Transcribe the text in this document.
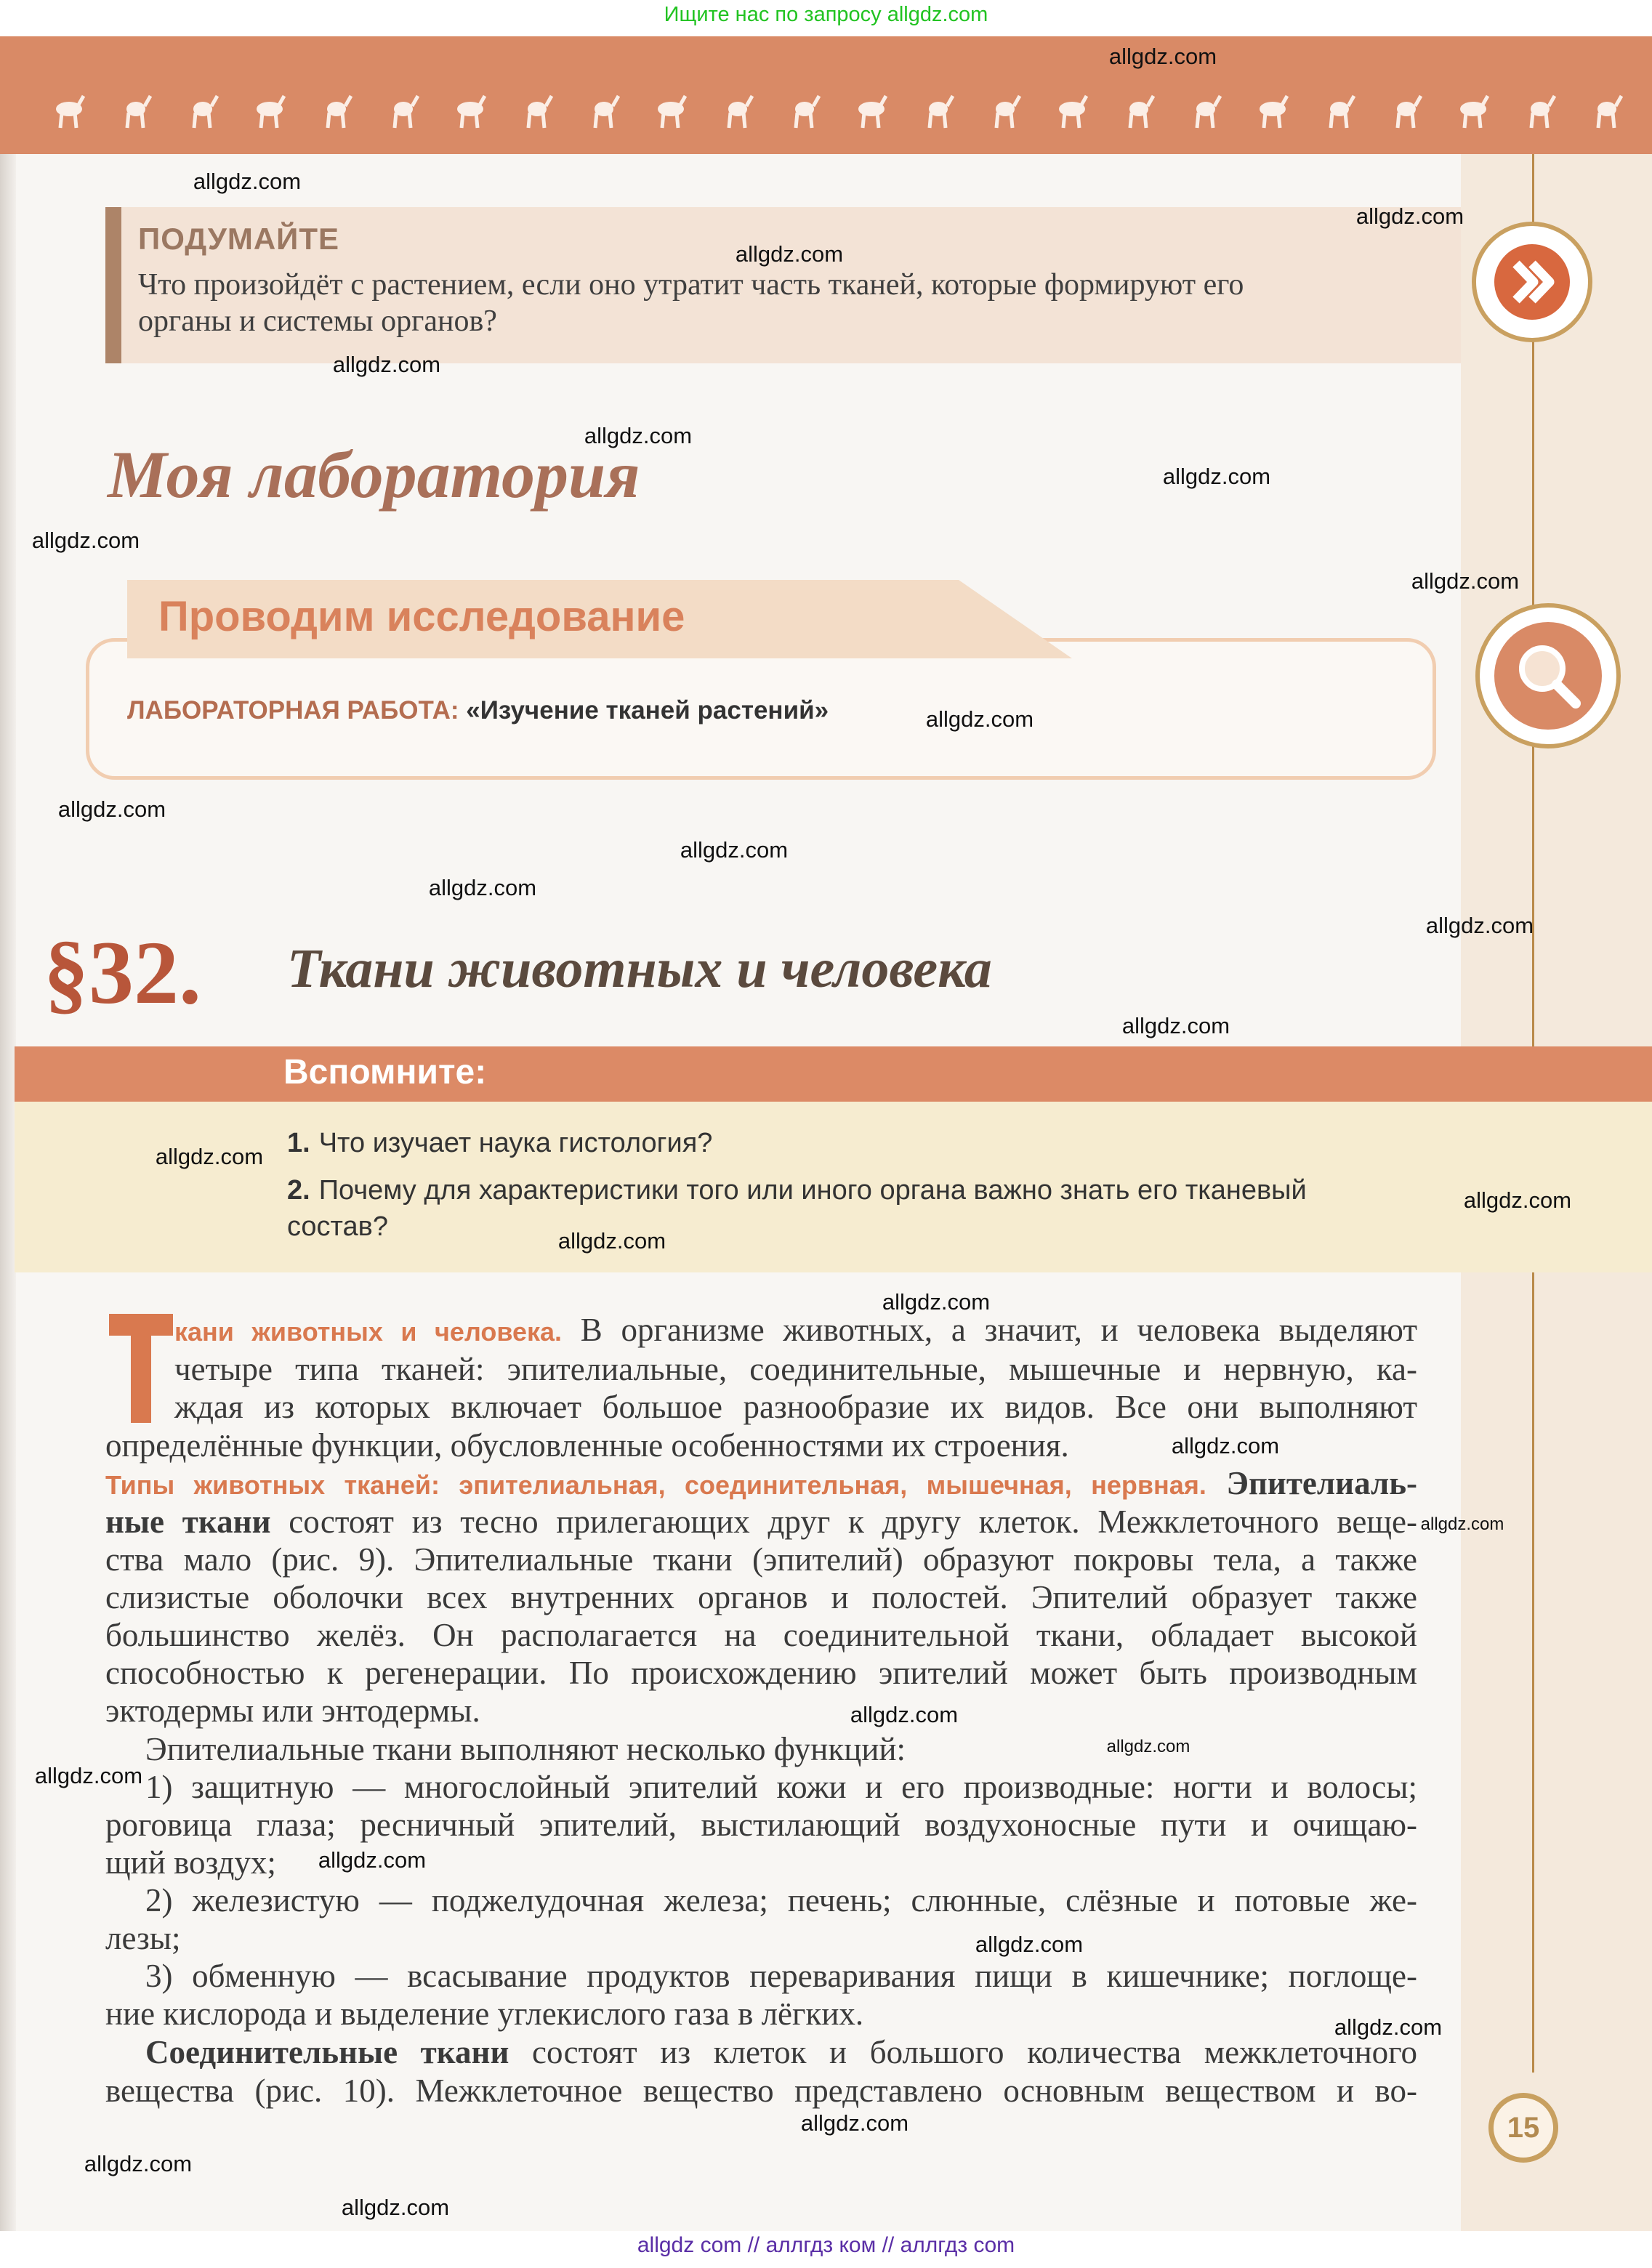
Ищите нас по запросу allgdz.com
ПОДУМАЙТЕ
Что произойдёт с растением, если оно утратит часть тканей, которые формируют его
органы и системы органов?
Моя лаборатория
Проводим исследование
ЛАБОРАТОРНАЯ РАБОТА: «Изучение тканей растений»
§32. Ткани животных и человека
Вспомните:
1. Что изучает наука гистология?
2. Почему для характеристики того или иного органа важно знать его тканевый
состав?
кани животных и человека. В организме животных, а значит, и человека выделяют
четыре типа тканей: эпителиальные, соединительные, мышечные и нервную, ка-
ждая из которых включает большое разнообразие их видов. Все они выполняют
определённые функции, обусловленные особенностями их строения.
Типы животных тканей: эпителиальная, соединительная, мышечная, нервная. Эпителиаль-
ные ткани состоят из тесно прилегающих друг к другу клеток. Межклеточного веще-
ства мало (рис. 9). Эпителиальные ткани (эпителий) образуют покровы тела, а также
слизистые оболочки всех внутренних органов и полостей. Эпителий образует также
большинство желёз. Он располагается на соединительной ткани, обладает высокой
способностью к регенерации. По происхождению эпителий может быть производным
эктодермы или энтодермы.
Эпителиальные ткани выполняют несколько функций:
1) защитную — многослойный эпителий кожи и его производные: ногти и волосы;
роговица глаза; ресничный эпителий, выстилающий воздухоносные пути и очищаю-
щий воздух;
2) железистую — поджелудочная железа; печень; слюнные, слёзные и потовые же-
лезы;
3) обменную — всасывание продуктов переваривания пищи в кишечнике; поглоще-
ние кислорода и выделение углекислого газа в лёгких.
Соединительные ткани состоят из клеток и большого количества межклеточного
вещества (рис. 10). Межклеточное вещество представлено основным веществом и во-
15
allgdz com // аллгдз ком // аллгдз com
allgdz.com
allgdz.com
allgdz.com
allgdz.com
allgdz.com
allgdz.com
allgdz.com
allgdz.com
allgdz.com
allgdz.com
allgdz.com
allgdz.com
allgdz.com
allgdz.com
allgdz.com
allgdz.com
allgdz.com
allgdz.com
allgdz.com
allgdz.com
allgdz.com
allgdz.com
allgdz.com
allgdz.com
allgdz.com
allgdz.com
allgdz.com
allgdz.com
allgdz.com
allgdz.com
